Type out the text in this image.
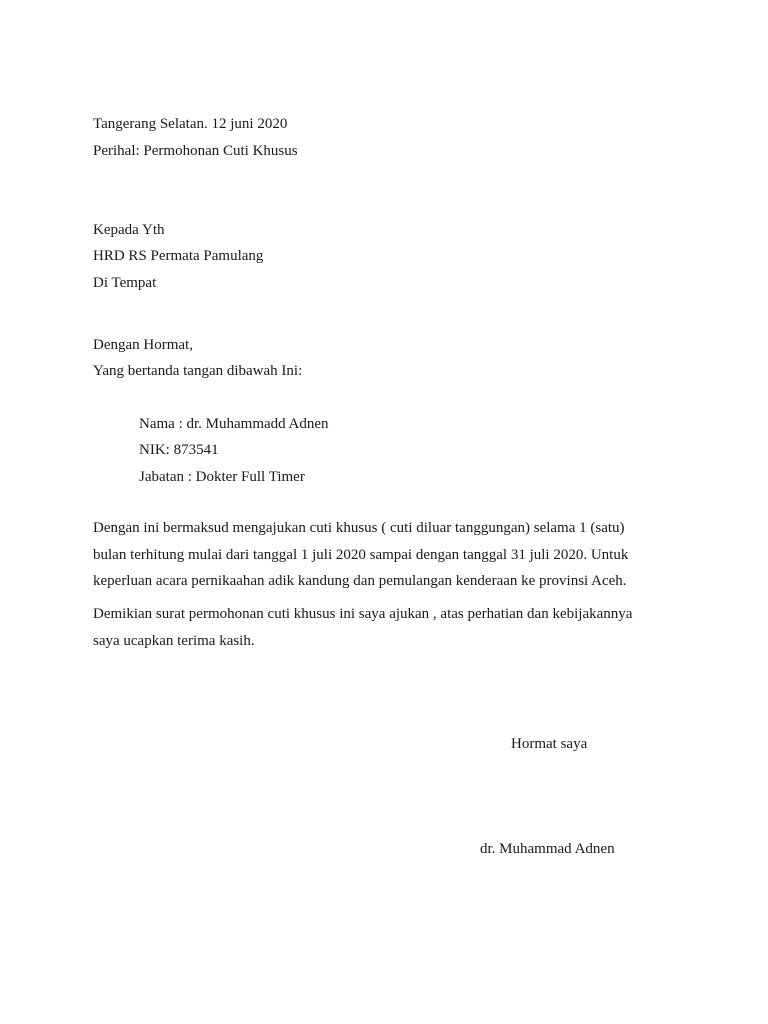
Tangerang Selatan. 12 juni 2020
Perihal: Permohonan Cuti Khusus
Kepada Yth
HRD RS Permata Pamulang
Di Tempat
Dengan Hormat,
Yang bertanda tangan dibawah Ini:
Nama : dr. Muhammadd Adnen
NIK: 873541
Jabatan : Dokter Full Timer
Dengan ini bermaksud mengajukan cuti khusus ( cuti diluar tanggungan) selama 1 (satu)
bulan terhitung mulai dari tanggal 1 juli 2020 sampai dengan tanggal 31 juli 2020. Untuk
keperluan acara pernikaahan adik kandung dan pemulangan kenderaan ke provinsi Aceh.
Demikian surat permohonan cuti khusus ini saya ajukan , atas perhatian dan kebijakannya
saya ucapkan terima kasih.
Hormat saya
dr. Muhammad Adnen
